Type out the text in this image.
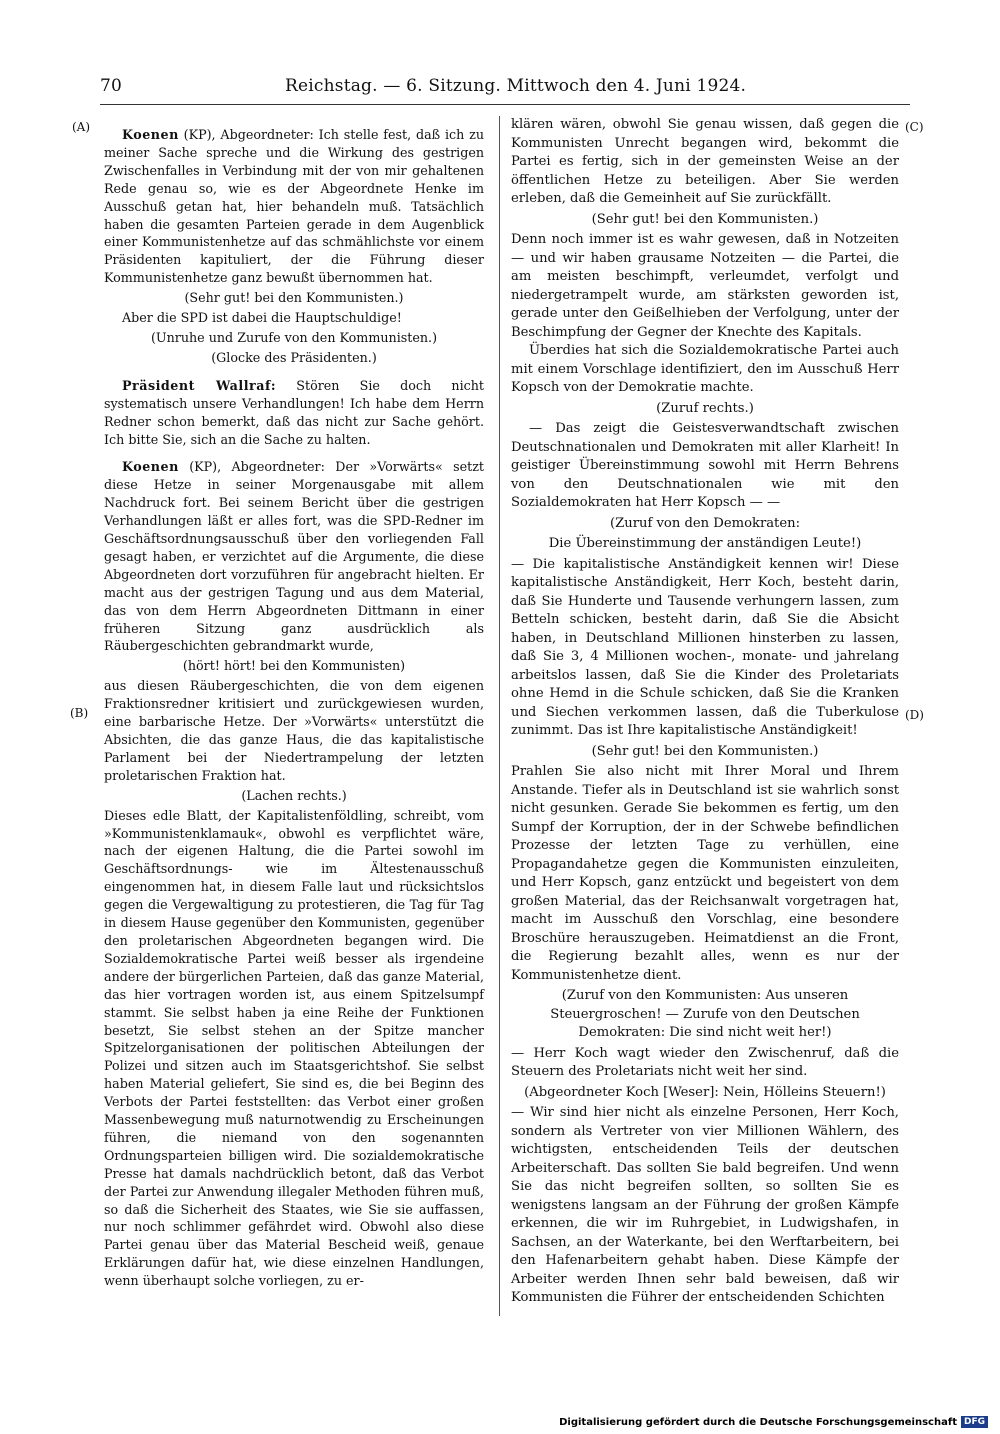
70	Reichstag. — 6. Sitzung. Mittwoch den 4. Juni 1924.
(A)
(B)
(C)
(D)

Koenen (KP), Abgeordneter: Ich stelle fest, daß ich zu meiner Sache spreche und die Wirkung des gestrigen Zwischenfalles in Verbindung mit der von mir gehaltenen Rede genau so, wie es der Abgeordnete Henke im Ausschuß getan hat, hier behandeln muß. Tatsächlich haben die gesamten Parteien gerade in dem Augenblick einer Kommunistenhetze auf das schmählichste vor einem Präsidenten kapituliert, der die Führung dieser Kommunistenhetze ganz bewußt übernommen hat.

(Sehr gut! bei den Kommunisten.)

Aber die SPD ist dabei die Hauptschuldige!

(Unruhe und Zurufe von den Kommunisten.)

(Glocke des Präsidenten.)

Präsident Wallraf: Stören Sie doch nicht systematisch unsere Verhandlungen! Ich habe dem Herrn Redner schon bemerkt, daß das nicht zur Sache gehört. Ich bitte Sie, sich an die Sache zu halten.

Koenen (KP), Abgeordneter: Der »Vorwärts« setzt diese Hetze in seiner Morgenausgabe mit allem Nachdruck fort. Bei seinem Bericht über die gestrigen Verhandlungen läßt er alles fort, was die SPD-Redner im Geschäftsordnungsausschuß über den vorliegenden Fall gesagt haben, er verzichtet auf die Argumente, die diese Abgeordneten dort vorzuführen für angebracht hielten. Er macht aus der gestrigen Tagung und aus dem Material, das von dem Herrn Abgeordneten Dittmann in einer früheren Sitzung ganz ausdrücklich als Räubergeschichten gebrandmarkt wurde,

(hört! hört! bei den Kommunisten)

aus diesen Räubergeschichten, die von dem eigenen Fraktionsredner kritisiert und zurückgewiesen wurden, eine barbarische Hetze. Der »Vorwärts« unterstützt die Absichten, die das ganze Haus, die das kapitalistische Parlament bei der Niedertrampelung der letzten proletarischen Fraktion hat.

(Lachen rechts.)

Dieses edle Blatt, der Kapitalistenföldling, schreibt, vom »Kommunistenklamauk«, obwohl es verpflichtet wäre, nach der eigenen Haltung, die die Partei sowohl im Geschäftsordnungs- wie im Ältestenausschuß eingenommen hat, in diesem Falle laut und rücksichtslos gegen die Vergewaltigung zu protestieren, die Tag für Tag in diesem Hause gegenüber den Kommunisten, gegenüber den proletarischen Abgeordneten begangen wird. Die Sozialdemokratische Partei weiß besser als irgendeine andere der bürgerlichen Parteien, daß das ganze Material, das hier vortragen worden ist, aus einem Spitzelsumpf stammt. Sie selbst haben ja eine Reihe der Funktionen besetzt, Sie selbst stehen an der Spitze mancher Spitzelorganisationen der politischen Abteilungen der Polizei und sitzen auch im Staatsgerichtshof. Sie selbst haben Material geliefert, Sie sind es, die bei Beginn des Verbots der Partei feststellten: das Verbot einer großen Massenbewegung muß naturnotwendig zu Erscheinungen führen, die niemand von den sogenannten Ordnungsparteien billigen wird. Die sozialdemokratische Presse hat damals nachdrücklich betont, daß das Verbot der Partei zur Anwendung illegaler Methoden führen muß, so daß die Sicherheit des Staates, wie Sie sie auffassen, nur noch schlimmer gefährdet wird. Obwohl also diese Partei genau über das Material Bescheid weiß, genaue Erklärungen dafür hat, wie diese einzelnen Handlungen, wenn überhaupt solche vorliegen, zu er-

klären wären, obwohl Sie genau wissen, daß gegen die Kommunisten Unrecht begangen wird, bekommt die Partei es fertig, sich in der gemeinsten Weise an der öffentlichen Hetze zu beteiligen. Aber Sie werden erleben, daß die Gemeinheit auf Sie zurückfällt.

(Sehr gut! bei den Kommunisten.)

Denn noch immer ist es wahr gewesen, daß in Notzeiten — und wir haben grausame Notzeiten — die Partei, die am meisten beschimpft, verleumdet, verfolgt und niedergetrampelt wurde, am stärksten geworden ist, gerade unter den Geißelhieben der Verfolgung, unter der Beschimpfung der Gegner der Knechte des Kapitals.

Überdies hat sich die Sozialdemokratische Partei auch mit einem Vorschlage identifiziert, den im Ausschuß Herr Kopsch von der Demokratie machte.

(Zuruf rechts.)

— Das zeigt die Geistesverwandtschaft zwischen Deutschnationalen und Demokraten mit aller Klarheit! In geistiger Übereinstimmung sowohl mit Herrn Behrens von den Deutschnationalen wie mit den Sozialdemokraten hat Herr Kopsch — —

(Zuruf von den Demokraten:

Die Übereinstimmung der anständigen Leute!)

— Die kapitalistische Anständigkeit kennen wir! Diese kapitalistische Anständigkeit, Herr Koch, besteht darin, daß Sie Hunderte und Tausende verhungern lassen, zum Betteln schicken, besteht darin, daß Sie die Absicht haben, in Deutschland Millionen hinsterben zu lassen, daß Sie 3, 4 Millionen wochen-, monate- und jahrelang arbeitslos lassen, daß Sie die Kinder des Proletariats ohne Hemd in die Schule schicken, daß Sie die Kranken und Siechen verkommen lassen, daß die Tuberkulose zunimmt. Das ist Ihre kapitalistische Anständigkeit!

(Sehr gut! bei den Kommunisten.)

Prahlen Sie also nicht mit Ihrer Moral und Ihrem Anstande. Tiefer als in Deutschland ist sie wahrlich sonst nicht gesunken. Gerade Sie bekommen es fertig, um den Sumpf der Korruption, der in der Schwebe befindlichen Prozesse der letzten Tage zu verhüllen, eine Propagandahetze gegen die Kommunisten einzuleiten, und Herr Kopsch, ganz entzückt und begeistert von dem großen Material, das der Reichsanwalt vorgetragen hat, macht im Ausschuß den Vorschlag, eine besondere Broschüre herauszugeben. Heimatdienst an die Front, die Regierung bezahlt alles, wenn es nur der Kommunistenhetze dient.

(Zuruf von den Kommunisten: Aus unseren Steuergroschen! — Zurufe von den Deutschen Demokraten: Die sind nicht weit her!)

— Herr Koch wagt wieder den Zwischenruf, daß die Steuern des Proletariats nicht weit her sind.

(Abgeordneter Koch [Weser]: Nein, Hölleins Steuern!)

— Wir sind hier nicht als einzelne Personen, Herr Koch, sondern als Vertreter von vier Millionen Wählern, des wichtigsten, entscheidenden Teils der deutschen Arbeiterschaft. Das sollten Sie bald begreifen. Und wenn Sie das nicht begreifen sollten, so sollten Sie es wenigstens langsam an der Führung der großen Kämpfe erkennen, die wir im Ruhrgebiet, in Ludwigshafen, in Sachsen, an der Waterkante, bei den Werftarbeitern, bei den Hafenarbeitern gehabt haben. Diese Kämpfe der Arbeiter werden Ihnen sehr bald beweisen, daß wir Kommunisten die Führer der entscheidenden Schichten

Digitalisierung gefördert durch die Deutsche Forschungsgemeinschaft DFG
